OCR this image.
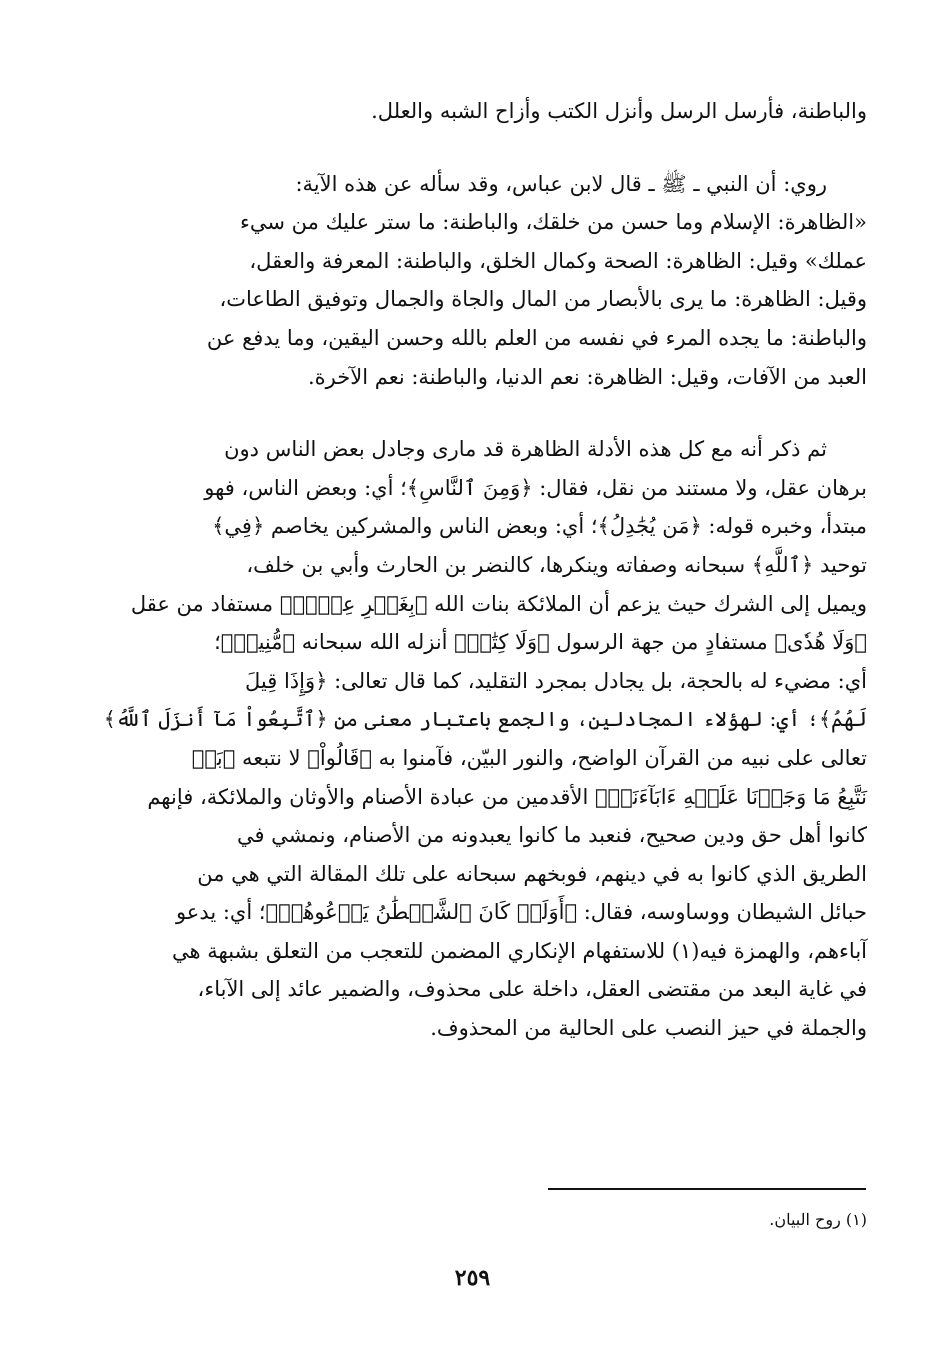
والباطنة، فأرسل الرسل وأنزل الكتب وأزاح الشبه والعلل.

روي: أن النبي ـ ﷺ ـ قال لابن عباس، وقد سأله عن هذه الآية:

«الظاهرة: الإسلام وما حسن من خلقك، والباطنة: ما ستر عليك من سيء

عملك» وقيل: الظاهرة: الصحة وكمال الخلق، والباطنة: المعرفة والعقل،

وقيل: الظاهرة: ما يرى بالأبصار من المال والجاة والجمال وتوفيق الطاعات،

والباطنة: ما يجده المرء في نفسه من العلم بالله وحسن اليقين، وما يدفع عن

العبد من الآفات، وقيل: الظاهرة: نعم الدنيا، والباطنة: نعم الآخرة.

ثم ذكر أنه مع كل هذه الأدلة الظاهرة قد مارى وجادل بعض الناس دون

برهان عقل، ولا مستند من نقل، فقال: ﴿وَمِنَ ٱلنَّاسِ﴾؛ أي: وبعض الناس، فهو

مبتدأ، وخبره قوله: ﴿مَن يُجَٰدِلُ﴾؛ أي: وبعض الناس والمشركين يخاصم ﴿فِي﴾

توحيد ﴿ٱللَّهِ﴾ سبحانه وصفاته وينكرها، كالنضر بن الحارث وأبي بن خلف،

ويميل إلى الشرك حيث يزعم أن الملائكة بنات الله ﴿بِغَيۡرِ عِلۡمٖ﴾ مستفاد من عقل

﴿وَلَا هُدٗى﴾ مستفادٍ من جهة الرسول ﴿وَلَا كِتَٰبٖ﴾ أنزله الله سبحانه ﴿مُّنِيرٖ﴾؛

أي: مضيء له بالحجة، بل يجادل بمجرد التقليد، كما قال تعالى: ﴿وَإِذَا قِيلَ

لَهُمُ﴾؛ أي: لهؤلاء المجادلين، والجمع باعتبار معنى من ﴿ٱتَّبِعُواْ مَآ أَنزَلَ ٱللَّهُ﴾

تعالى على نبيه من القرآن الواضح، والنور البيّن، فآمنوا به ﴿قَالُواْ﴾ لا نتبعه ﴿بَلۡ

نَتَّبِعُ مَا وَجَدۡنَا عَلَيۡهِ ءَابَآءَنَآۚ﴾ الأقدمين من عبادة الأصنام والأوثان والملائكة، فإنهم

كانوا أهل حق ودين صحيح، فنعبد ما كانوا يعبدونه من الأصنام، ونمشي في

الطريق الذي كانوا به في دينهم، فوبخهم سبحانه على تلك المقالة التي هي من

حبائل الشيطان ووساوسه، فقال: ﴿أَوَلَوۡ كَانَ ٱلشَّيۡطَٰنُ يَدۡعُوهُمۡ﴾؛ أي: يدعو

آباءهم، والهمزة فيه(١) للاستفهام الإنكاري المضمن للتعجب من التعلق بشبهة هي

في غاية البعد من مقتضى العقل، داخلة على محذوف، والضمير عائد إلى الآباء،

والجملة في حيز النصب على الحالية من المحذوف.

(١) روح البيان.

٢٥٩
